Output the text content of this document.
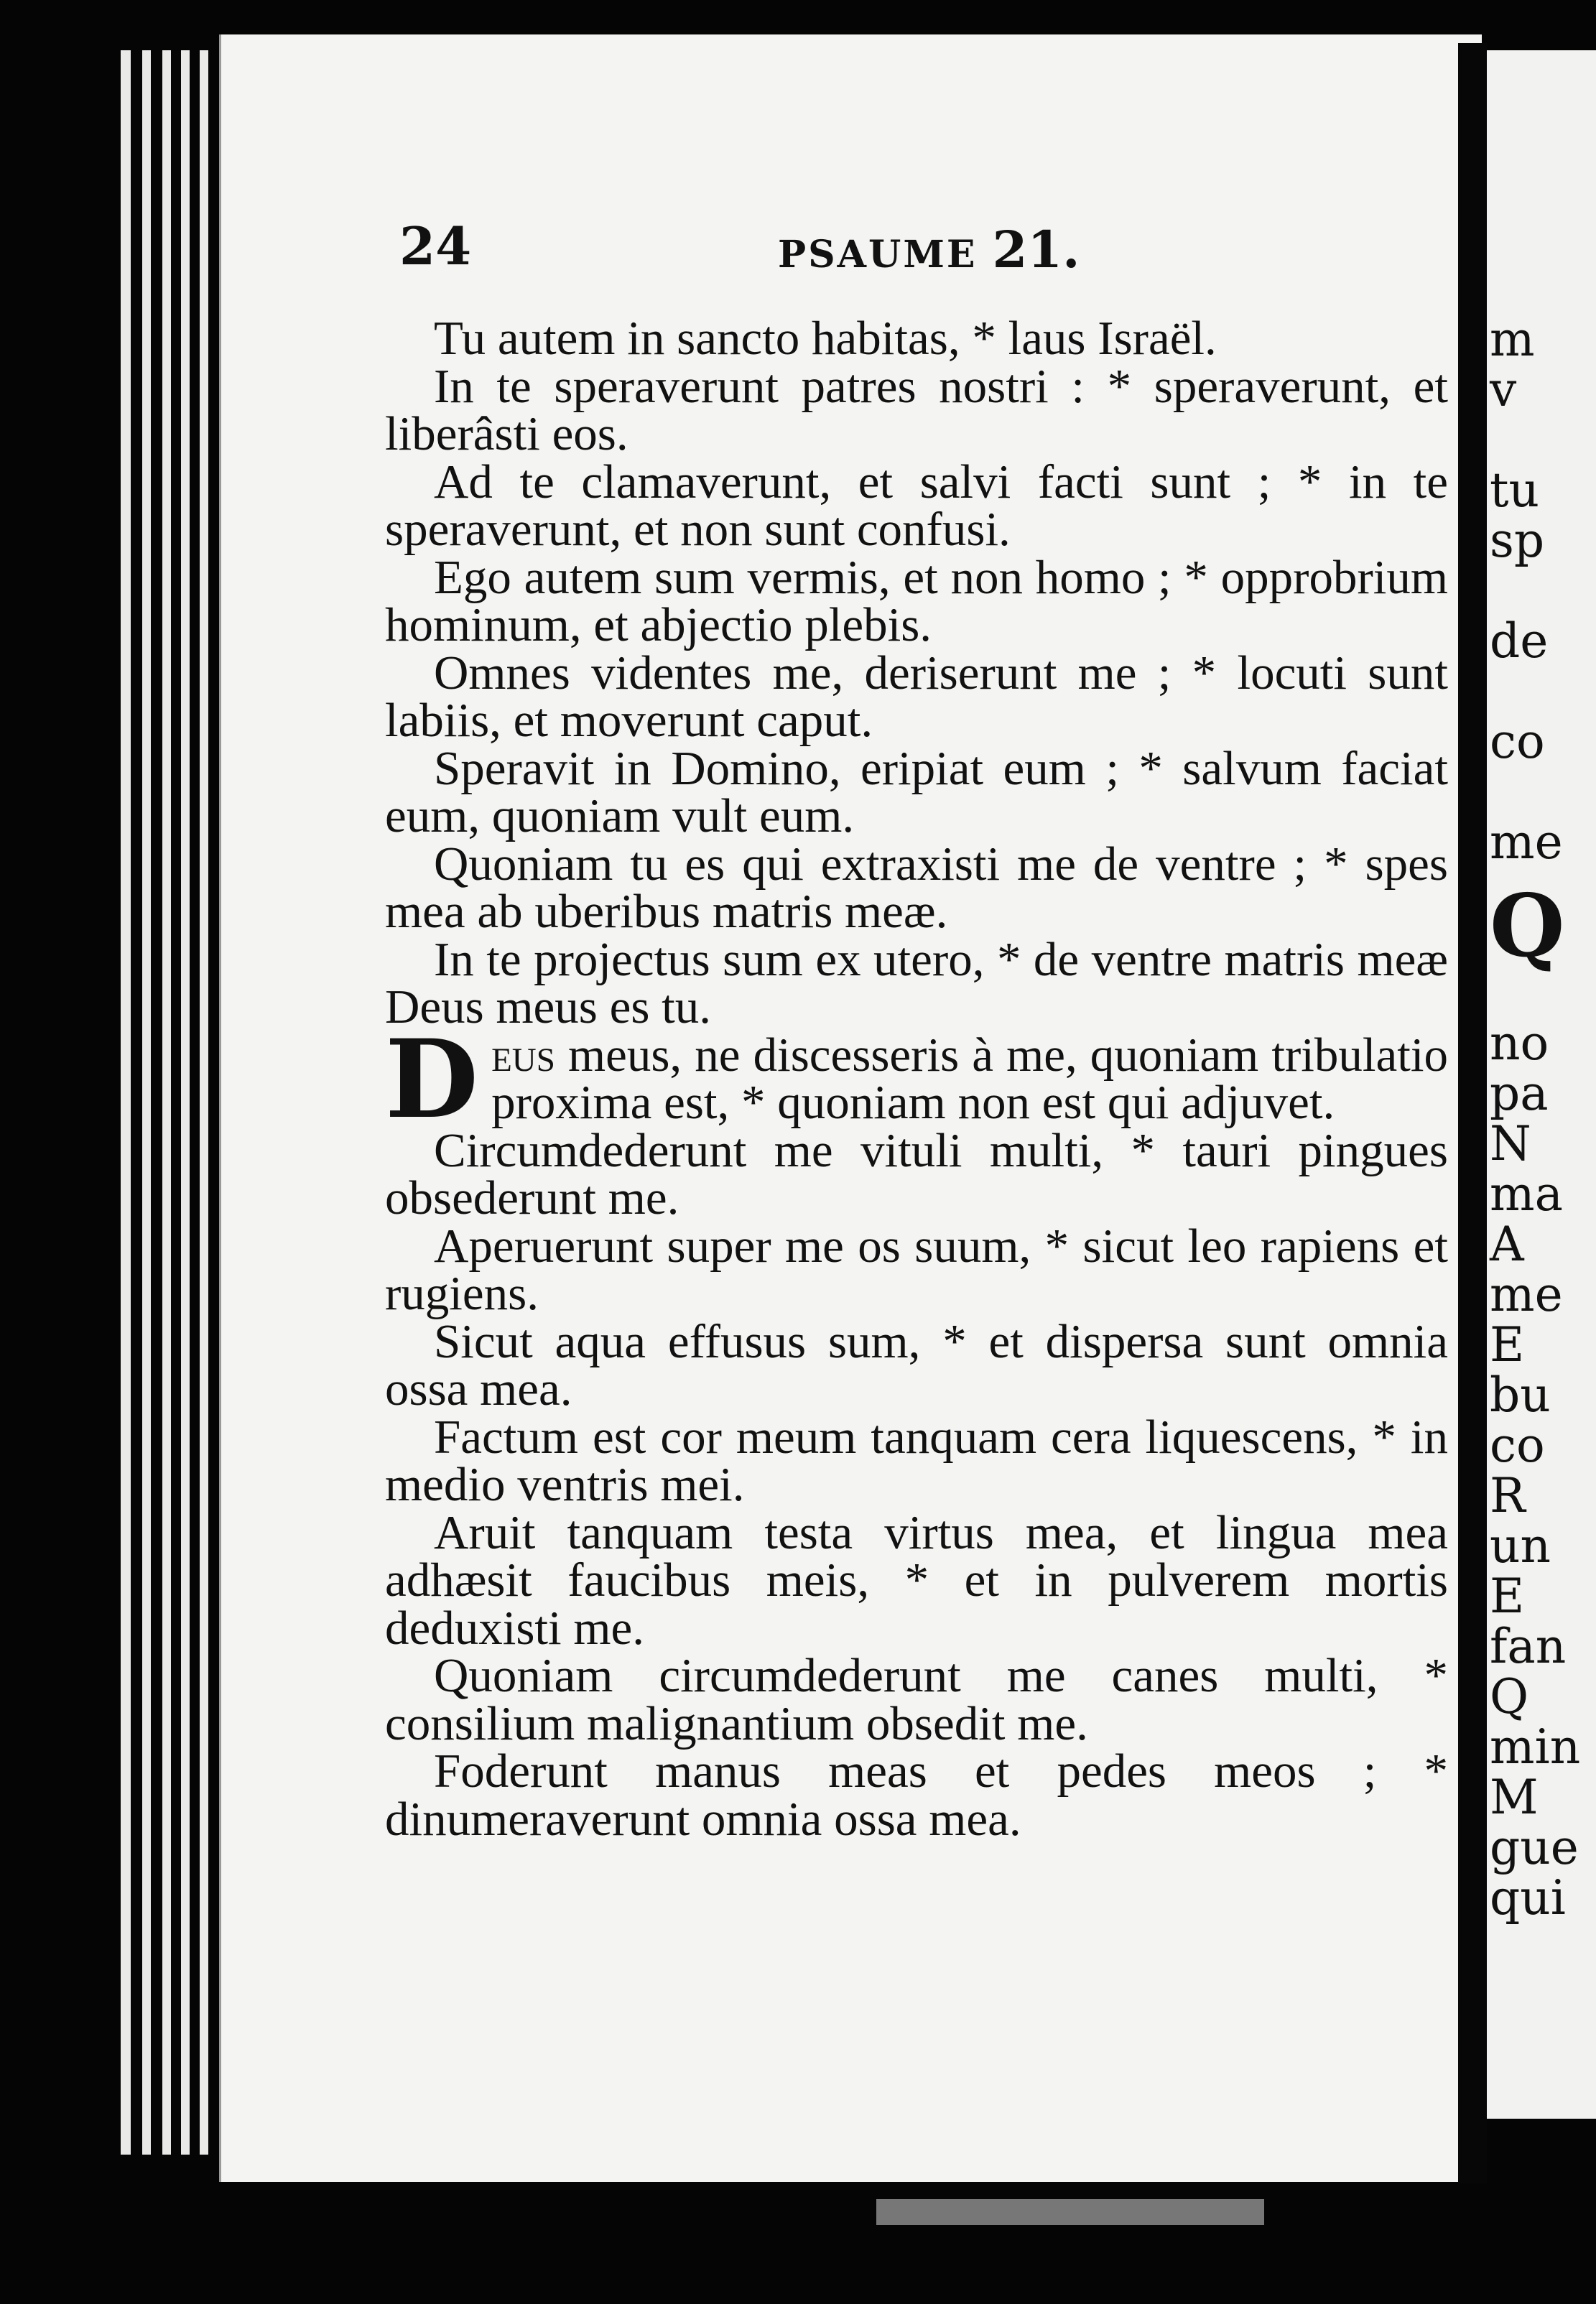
24	PSAUME 21.

Tu autem in sancto habitas, * laus Israël.

In te speraverunt patres nostri : * speraverunt, et liberâsti eos.

Ad te clamaverunt, et salvi facti sunt ; * in te speraverunt, et non sunt confusi.

Ego autem sum vermis, et non homo ; * opprobrium hominum, et abjectio plebis.

Omnes videntes me, deriserunt me ; * locuti sunt labiis, et moverunt caput.

Speravit in Domino, eripiat eum ; * salvum faciat eum, quoniam vult eum.

Quoniam tu es qui extraxisti me de ventre ; * spes mea ab uberibus matris meæ.

In te projectus sum ex utero, * de ventre matris meæ Deus meus es tu.

Deus meus, ne discesseris à me, quoniam tribulatio proxima est, * quoniam non est qui adjuvet.

Circumdederunt me vituli multi, * tauri pingues obsederunt me.

Aperuerunt super me os suum, * sicut leo rapiens et rugiens.

Sicut aqua effusus sum, * et dispersa sunt omnia ossa mea.

Factum est cor meum tanquam cera liquescens, * in medio ventris mei.

Aruit tanquam testa virtus mea, et lingua mea adhæsit faucibus meis, * et in pulverem mortis deduxisti me.

Quoniam circumdederunt me canes multi, * consilium malignantium obsedit me.

Foderunt manus meas et pedes meos ; * dinumeraverunt omnia ossa mea.

m
v
tu
sp
de
co
me
Q
no
pa
N
ma
A
me
E
bu
co
R
un
E
fan
Q
min
M
gue
qui
